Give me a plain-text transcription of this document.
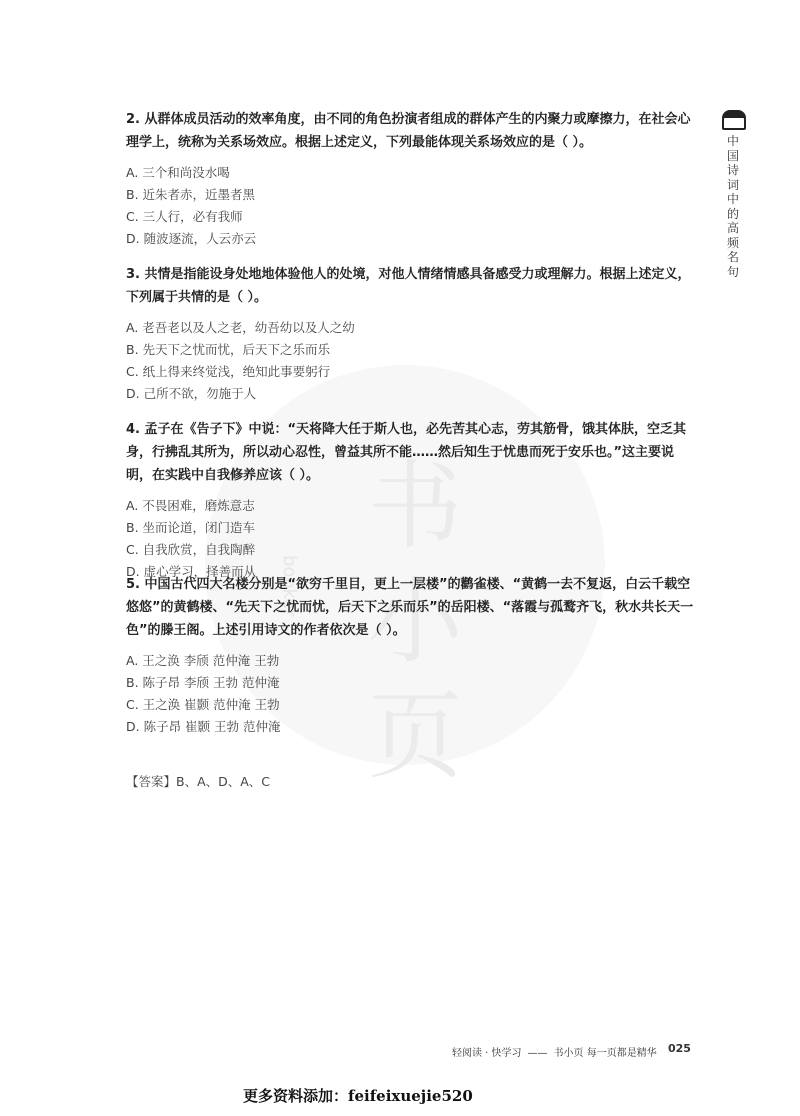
书小页
booker
中国诗词中的高频名句

2. 从群体成员活动的效率角度，由不同的角色扮演者组成的群体产生的内聚力或摩擦力，在社会心理学上，统称为关系场效应。根据上述定义，下列最能体现关系场效应的是（ ）。

A. 三个和尚没水喝
B. 近朱者赤，近墨者黑
C. 三人行，必有我师
D. 随波逐流，人云亦云

3. 共情是指能设身处地地体验他人的处境，对他人情绪情感具备感受力或理解力。根据上述定义，下列属于共情的是（ ）。

A. 老吾老以及人之老，幼吾幼以及人之幼
B. 先天下之忧而忧，后天下之乐而乐
C. 纸上得来终觉浅，绝知此事要躬行
D. 己所不欲，勿施于人

4. 孟子在《告子下》中说：“天将降大任于斯人也，必先苦其心志，劳其筋骨，饿其体肤，空乏其身，行拂乱其所为，所以动心忍性，曾益其所不能……然后知生于忧患而死于安乐也。”这主要说明，在实践中自我修养应该（ ）。

A. 不畏困难，磨炼意志
B. 坐而论道，闭门造车
C. 自我欣赏，自我陶醉
D. 虚心学习，择善而从

5. 中国古代四大名楼分别是“欲穷千里目，更上一层楼”的鹳雀楼、“黄鹤一去不复返，白云千载空悠悠”的黄鹤楼、“先天下之忧而忧，后天下之乐而乐”的岳阳楼、“落霞与孤鹜齐飞，秋水共长天一色”的滕王阁。上述引用诗文的作者依次是（ ）。

A. 王之涣 李颀 范仲淹 王勃
B. 陈子昂 李颀 王勃 范仲淹
C. 王之涣 崔颢 范仲淹 王勃
D. 陈子昂 崔颢 王勃 范仲淹
【答案】B、A、D、A、C
轻阅读 · 快学习 —— 书小页 每一页都是精华 025
更多资料添加：feifeixuejie520
